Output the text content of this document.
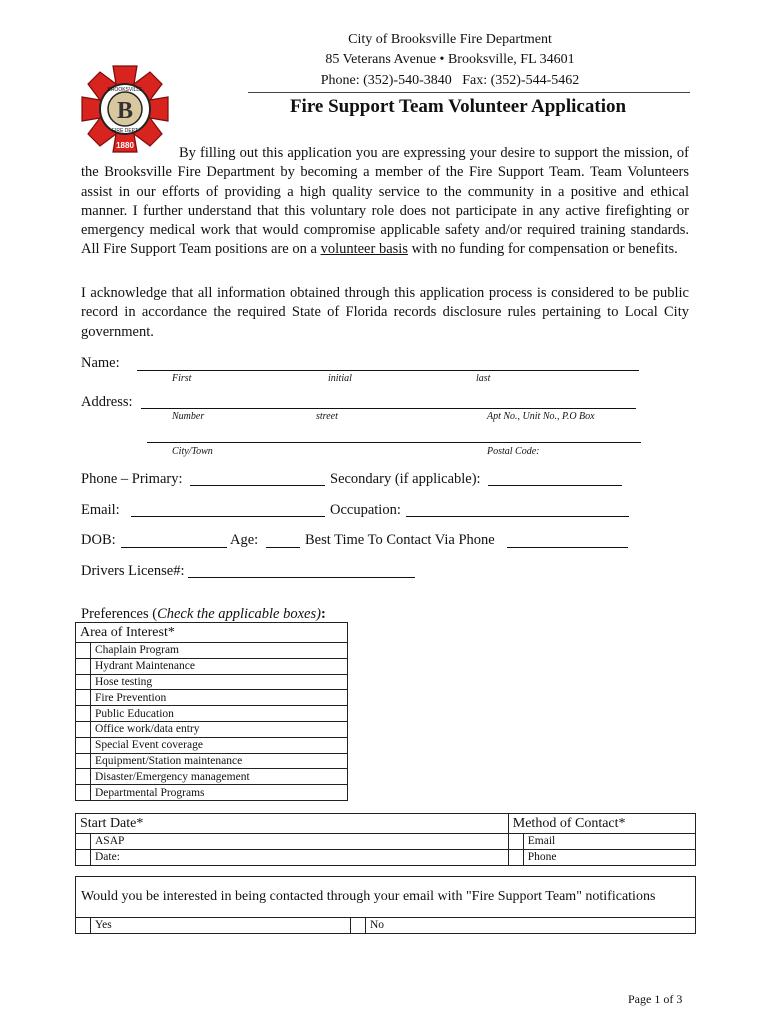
B
BROOKSVILLE
FIRE DEPT
1880
City of Brooksville Fire Department
85 Veterans Avenue • Brooksville, FL 34601
Phone: (352)-540-3840   Fax: (352)-544-5462
Fire Support Team Volunteer Application
By filling out this application you are expressing your desire to support the mission, of the Brooksville Fire Department by becoming a member of the Fire Support Team. Team Volunteers assist in our efforts of providing a high quality service to the community in a positive and ethical manner. I further understand that this voluntary role does not participate in any active firefighting or emergency medical work that would compromise applicable safety and/or required training standards. All Fire Support Team positions are on a volunteer basis with no funding for compensation or benefits.
I acknowledge that all information obtained through this application process is considered to be public record in accordance the required State of Florida records disclosure rules pertaining to Local City government.
Name:
First	initial	last
Address:
Number	street	Apt No., Unit No., P.O Box
City/Town	Postal Code:
Phone – Primary:	Secondary (if applicable):
Email:	Occupation:
DOB:	Age:	Best Time To Contact Via Phone
Drivers License#:
Preferences (Check the applicable boxes):
Area of Interest*	
	Chaplain Program
	Hydrant Maintenance
	Hose testing
	Fire Prevention
	Public Education
	Office work/data entry
	Special Event coverage
	Equipment/Station maintenance
	Disaster/Emergency management
	Departmental Programs
Start Date*		Method of Contact*	
	ASAP		Email
	Date:		Phone
Would you be interested in being contacted through your email with "Fire Support Team" notifications
	Yes		No
Page 1 of 3
